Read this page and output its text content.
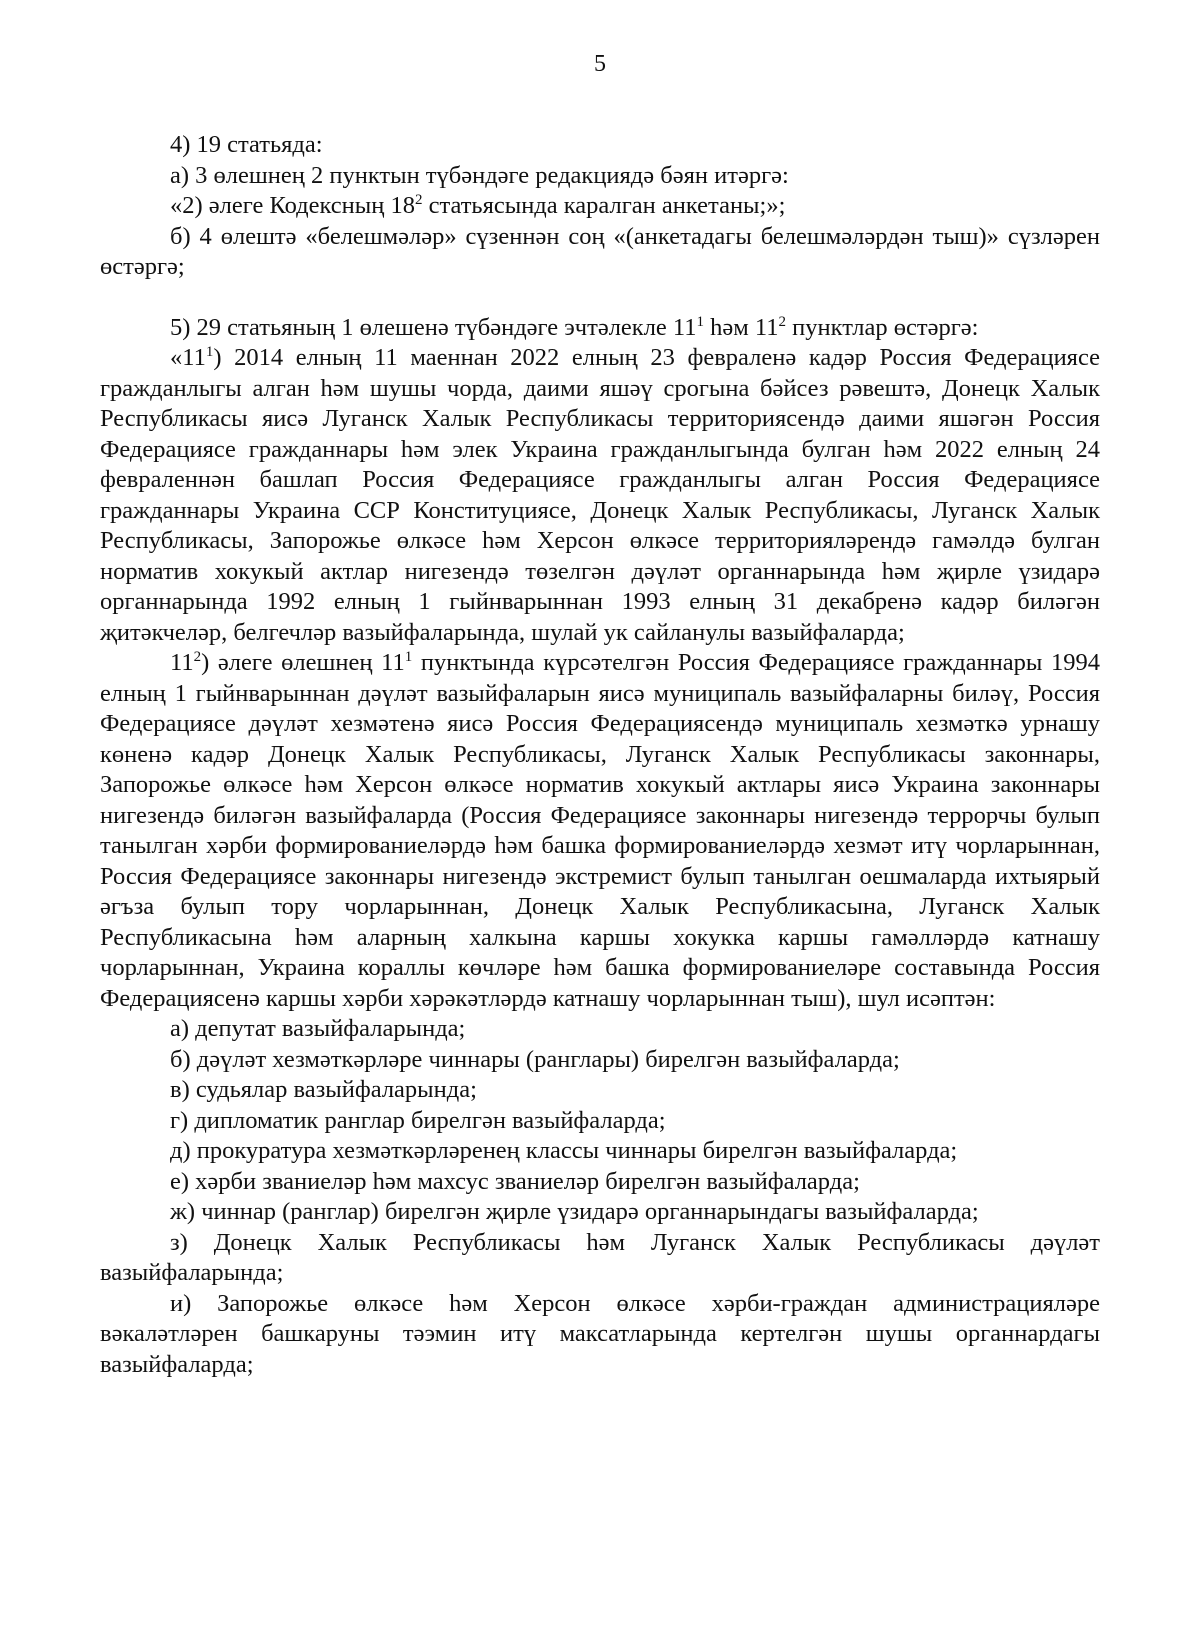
5

4) 19 статьяда:

а) 3 өлешнең 2 пунктын түбәндәге редакциядә бәян итәргә:

«2) әлеге Кодексның $18^2$ статьясында каралган анкетаны;»;

б) 4 өлештә «белешмәләр» сүзеннән соң «(анкетадагы белешмәләрдән тыш)» сүзләрен өстәргә;

5) 29 статьяның 1 өлешенә түбәндәге эчтәлекле $11^1$ һәм $11^2$ пунктлар өстәргә:

«$11^1$) 2014 елның 11 маеннан 2022 елның 23 февраленә кадәр Россия Федерациясе гражданлыгы алган һәм шушы чорда, даими яшәү срогына бәйсез рәвештә, Донецк Халык Республикасы яисә Луганск Халык Республикасы территориясендә даими яшәгән Россия Федерациясе гражданнары һәм элек Украина гражданлыгында булган һәм 2022 елның 24 февраленнән башлап Россия Федерациясе гражданлыгы алган Россия Федерациясе гражданнары Украина ССР Конституциясе, Донецк Халык Республикасы, Луганск Халык Республикасы, Запорожье өлкәсе һәм Херсон өлкәсе территорияләрендә гамәлдә булган норматив хокукый актлар нигезендә төзелгән дәүләт органнарында һәм җирле үзидарә органнарында 1992 елның 1 гыйнварыннан 1993 елның 31 декабренә кадәр биләгән җитәкчеләр, белгечләр вазыйфаларында, шулай ук сайланулы вазыйфаларда;

$11^2$) әлеге өлешнең $11^1$ пунктында күрсәтелгән Россия Федерациясе гражданнары 1994 елның 1 гыйнварыннан дәүләт вазыйфаларын яисә муниципаль вазыйфаларны биләү, Россия Федерациясе дәүләт хезмәтенә яисә Россия Федерациясендә муниципаль хезмәткә урнашу көненә кадәр Донецк Халык Республикасы, Луганск Халык Республикасы законнары, Запорожье өлкәсе һәм Херсон өлкәсе норматив хокукый актлары яисә Украина законнары нигезендә биләгән вазыйфаларда (Россия Федерациясе законнары нигезендә террорчы булып танылган хәрби формированиеләрдә һәм башка формированиеләрдә хезмәт итү чорларыннан, Россия Федерациясе законнары нигезендә экстремист булып танылган оешмаларда ихтыярый әгъза булып тору чорларыннан, Донецк Халык Республикасына, Луганск Халык Республикасына һәм аларның халкына каршы хокукка каршы гамәлләрдә катнашу чорларыннан, Украина кораллы көчләре һәм башка формированиеләре составында Россия Федерациясенә каршы хәрби хәрәкәтләрдә катнашу чорларыннан тыш), шул исәптән:

а) депутат вазыйфаларында;

б) дәүләт хезмәткәрләре чиннары (ранглары) бирелгән вазыйфаларда;

в) судьялар вазыйфаларында;

г) дипломатик ранглар бирелгән вазыйфаларда;

д) прокуратура хезмәткәрләренең классы чиннары бирелгән вазыйфаларда;

е) хәрби званиеләр һәм махсус званиеләр бирелгән вазыйфаларда;

ж) чиннар (ранглар) бирелгән җирле үзидарә органнарындагы вазыйфаларда;

з) Донецк Халык Республикасы һәм Луганск Халык Республикасы дәүләт вазыйфаларында;

и) Запорожье өлкәсе һәм Херсон өлкәсе хәрби-граждан администрацияләре вәкаләтләрен башкаруны тәэмин итү максатларында кертелгән шушы органнардагы вазыйфаларда;
